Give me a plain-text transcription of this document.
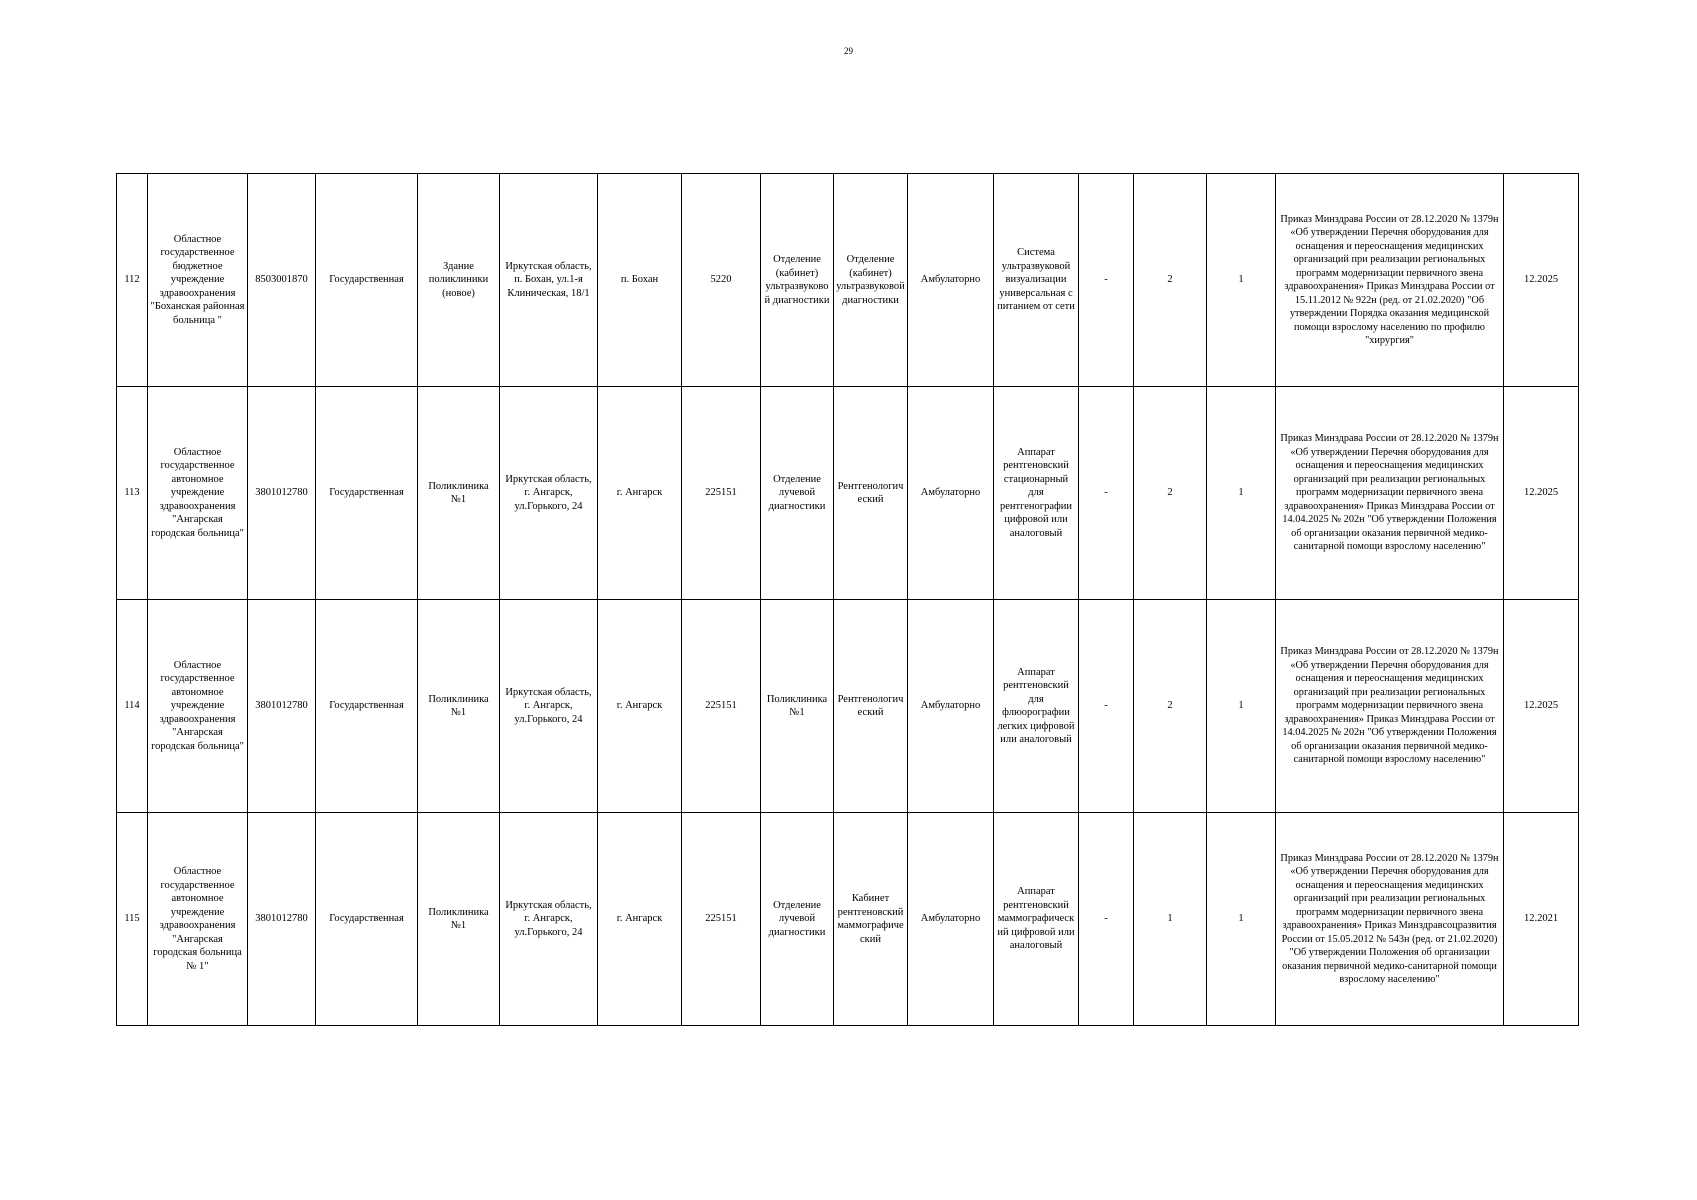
29
112	Областное государственное бюджетное учреждение здравоохранения "Боханская районная больница "	8503001870	Государственная	Здание поликлиники (новое)	Иркутская область, п. Бохан, ул.1-я Клиническая, 18/1	п. Бохан	5220	Отделение (кабинет) ультразвуковой диагностики	Отделение (кабинет) ультразвуковой диагностики	Амбулаторно	Система ультразвуковой визуализации универсальная с питанием от сети	-	2	1	Приказ Минздрава России от 28.12.2020 № 1379н «Об утверждении Перечня оборудования для оснащения и переоснащения медицинских организаций при реализации региональных программ модернизации первичного звена здравоохранения» Приказ Минздрава России от 15.11.2012 № 922н (ред. от 21.02.2020) "Об утверждении Порядка оказания медицинской помощи взрослому населению по профилю "хирургия"	12.2025
113	Областное государственное автономное учреждение здравоохранения "Ангарская городская больница"	3801012780	Государственная	Поликлиника №1	Иркутская область, г. Ангарск, ул.Горького, 24	г. Ангарск	225151	Отделение лучевой диагностики	Рентгенологический	Амбулаторно	Аппарат рентгеновский стационарный для рентгенографии цифровой или аналоговый	-	2	1	Приказ Минздрава России от 28.12.2020 № 1379н «Об утверждении Перечня оборудования для оснащения и переоснащения медицинских организаций при реализации региональных программ модернизации первичного звена здравоохранения» Приказ Минздрава России от 14.04.2025 № 202н "Об утверждении Положения об организации оказания первичной медико-санитарной помощи взрослому населению"	12.2025
114	Областное государственное автономное учреждение здравоохранения "Ангарская городская больница"	3801012780	Государственная	Поликлиника №1	Иркутская область, г. Ангарск, ул.Горького, 24	г. Ангарск	225151	Поликлиника №1	Рентгенологический	Амбулаторно	Аппарат рентгеновский для флюорографии легких цифровой или аналоговый	-	2	1	Приказ Минздрава России от 28.12.2020 № 1379н «Об утверждении Перечня оборудования для оснащения и переоснащения медицинских организаций при реализации региональных программ модернизации первичного звена здравоохранения» Приказ Минздрава России от 14.04.2025 № 202н "Об утверждении Положения об организации оказания первичной медико-санитарной помощи взрослому населению"	12.2025
115	Областное государственное автономное учреждение здравоохранения "Ангарская городская больница № 1"	3801012780	Государственная	Поликлиника №1	Иркутская область, г. Ангарск, ул.Горького, 24	г. Ангарск	225151	Отделение лучевой диагностики	Кабинет рентгеновский маммографический	Амбулаторно	Аппарат рентгеновский маммографический цифровой или аналоговый	-	1	1	Приказ Минздрава России от 28.12.2020 № 1379н «Об утверждении Перечня оборудования для оснащения и переоснащения медицинских организаций при реализации региональных программ модернизации первичного звена здравоохранения» Приказ Минздравсоцразвития России от 15.05.2012 № 543н (ред. от 21.02.2020) "Об утверждении Положения об организации оказания первичной медико-санитарной помощи взрослому населению"	12.2021
